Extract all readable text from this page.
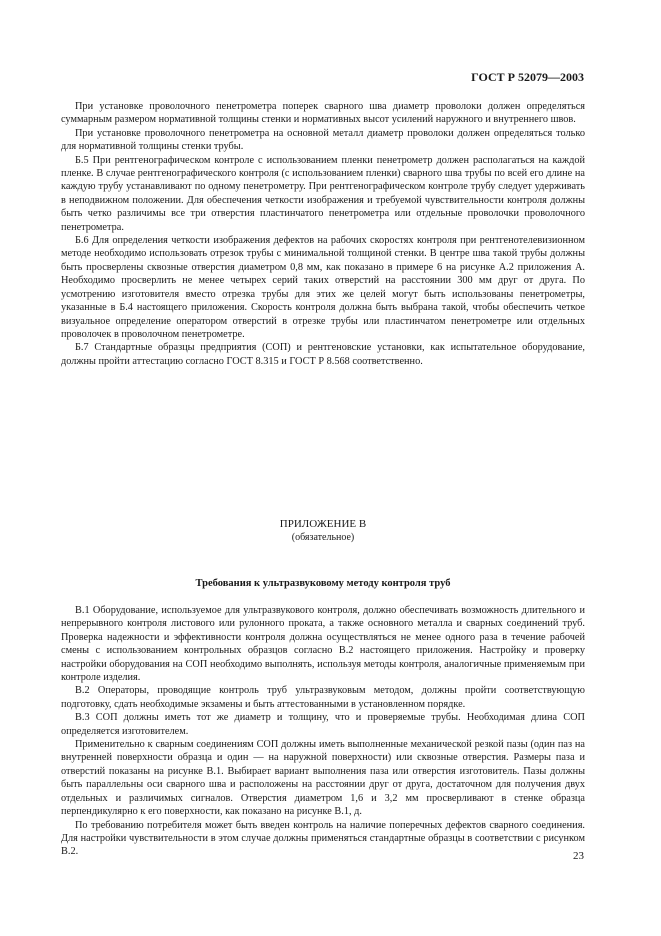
ГОСТ Р 52079—2003

При установке проволочного пенетрометра поперек сварного шва диаметр проволоки должен определяться суммарным размером нормативной толщины стенки и нормативных высот усилений наружного и внутреннего швов.

При установке проволочного пенетрометра на основной металл диаметр проволоки должен определяться только для нормативной толщины стенки трубы.

Б.5 При рентгенографическом контроле с использованием пленки пенетрометр должен располагаться на каждой пленке. В случае рентгенографического контроля (с использованием пленки) сварного шва трубы по всей его длине на каждую трубу устанавливают по одному пенетрометру. При рентгенографическом контроле трубу следует удерживать в неподвижном положении. Для обеспечения четкости изображения и требуемой чувствительности контроля должны быть четко различимы все три отверстия пластинчатого пенетрометра или отдельные проволочки проволочного пенетрометра.

Б.6 Для определения четкости изображения дефектов на рабочих скоростях контроля при рентгенотелевизионном методе необходимо использовать отрезок трубы с минимальной толщиной стенки. В центре шва такой трубы должны быть просверлены сквозные отверстия диаметром 0,8 мм, как показано в примере 6 на рисунке А.2 приложения А. Необходимо просверлить не менее четырех серий таких отверстий на расстоянии 300 мм друг от друга. По усмотрению изготовителя вместо отрезка трубы для этих же целей могут быть использованы пенетрометры, указанные в Б.4 настоящего приложения. Скорость контроля должна быть выбрана такой, чтобы обеспечить четкое визуальное определение оператором отверстий в отрезке трубы или пластинчатом пенетрометре или отдельных проволочек в проволочном пенетрометре.

Б.7 Стандартные образцы предприятия (СОП) и рентгеновские установки, как испытательное оборудование, должны пройти аттестацию согласно ГОСТ 8.315 и ГОСТ Р 8.568 соответственно.

ПРИЛОЖЕНИЕ В
(обязательное)
Требования к ультразвуковому методу контроля труб

В.1 Оборудование, используемое для ультразвукового контроля, должно обеспечивать возможность длительного и непрерывного контроля листового или рулонного проката, а также основного металла и сварных соединений труб. Проверка надежности и эффективности контроля должна осуществляться не менее одного раза в течение рабочей смены с использованием контрольных образцов согласно В.2 настоящего приложения. Настройку и проверку настройки оборудования на СОП необходимо выполнять, используя методы контроля, аналогичные применяемым при контроле изделия.

В.2 Операторы, проводящие контроль труб ультразвуковым методом, должны пройти соответствующую подготовку, сдать необходимые экзамены и быть аттестованными в установленном порядке.

В.3 СОП должны иметь тот же диаметр и толщину, что и проверяемые трубы. Необходимая длина СОП определяется изготовителем.

Применительно к сварным соединениям СОП должны иметь выполненные механической резкой пазы (один паз на внутренней поверхности образца и один — на наружной поверхности) или сквозные отверстия. Размеры паза и отверстий показаны на рисунке В.1. Выбирает вариант выполнения паза или отверстия изготовитель. Пазы должны быть параллельны оси сварного шва и расположены на расстоянии друг от друга, достаточном для получения двух отдельных и различимых сигналов. Отверстия диаметром 1,6 и 3,2 мм просверливают в стенке образца перпендикулярно к его поверхности, как показано на рисунке В.1, д.

По требованию потребителя может быть введен контроль на наличие поперечных дефектов сварного соединения. Для настройки чувствительности в этом случае должны применяться стандартные образцы в соответствии с рисунком В.2.	23
